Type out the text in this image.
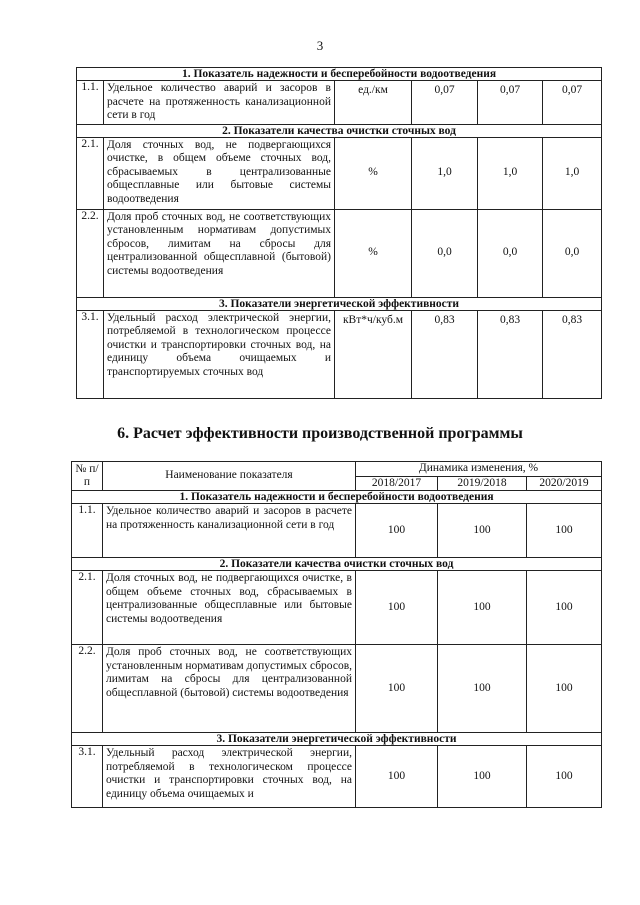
3
1. Показатель надежности и бесперебойности водоотведения					
1.1.	Удельное количество аварий и засоров в расчете на протяженность канализационной сети в год	ед./км	0,07	0,07	0,07
2. Показатели качества очистки сточных вод					
2.1.	Доля сточных вод, не подвергающихся очистке, в общем объеме сточных вод, сбрасываемых в централизованные общесплавные или бытовые системы водоотведения	%	1,0	1,0	1,0
2.2.	Доля проб сточных вод, не соответствующих установленным нормативам допустимых сбросов, лимитам на сбросы для централизованной общесплавной (бытовой) системы водоотведения	%	0,0	0,0	0,0
3. Показатели энергетической эффективности					
3.1.	Удельный расход электрической энергии, потребляемой в технологическом процессе очистки и транспортировки сточных вод, на единицу объема очищаемых и транспортируемых сточных вод	кВт*ч/куб.м	0,83	0,83	0,83
6. Расчет эффективности производственной программы
№ п/п	Наименование показателя	Динамика изменения, %		
		2018/2017	2019/2018	2020/2019
1. Показатель надежности и бесперебойности водоотведения				
1.1.	Удельное количество аварий и засоров в расчете на протяженность канализационной сети в год	100	100	100
2. Показатели качества очистки сточных вод				
2.1.	Доля сточных вод, не подвергающихся очистке, в общем объеме сточных вод, сбрасываемых в централизованные общесплавные или бытовые системы водоотведения	100	100	100
2.2.	Доля проб сточных вод, не соответствующих установленным нормативам допустимых сбросов, лимитам на сбросы для централизованной общесплавной (бытовой) системы водоотведения	100	100	100
3. Показатели энергетической эффективности				
3.1.	Удельный расход электрической энергии, потребляемой в технологическом процессе очистки и транспортировки сточных вод, на единицу объема очищаемых и	100	100	100
